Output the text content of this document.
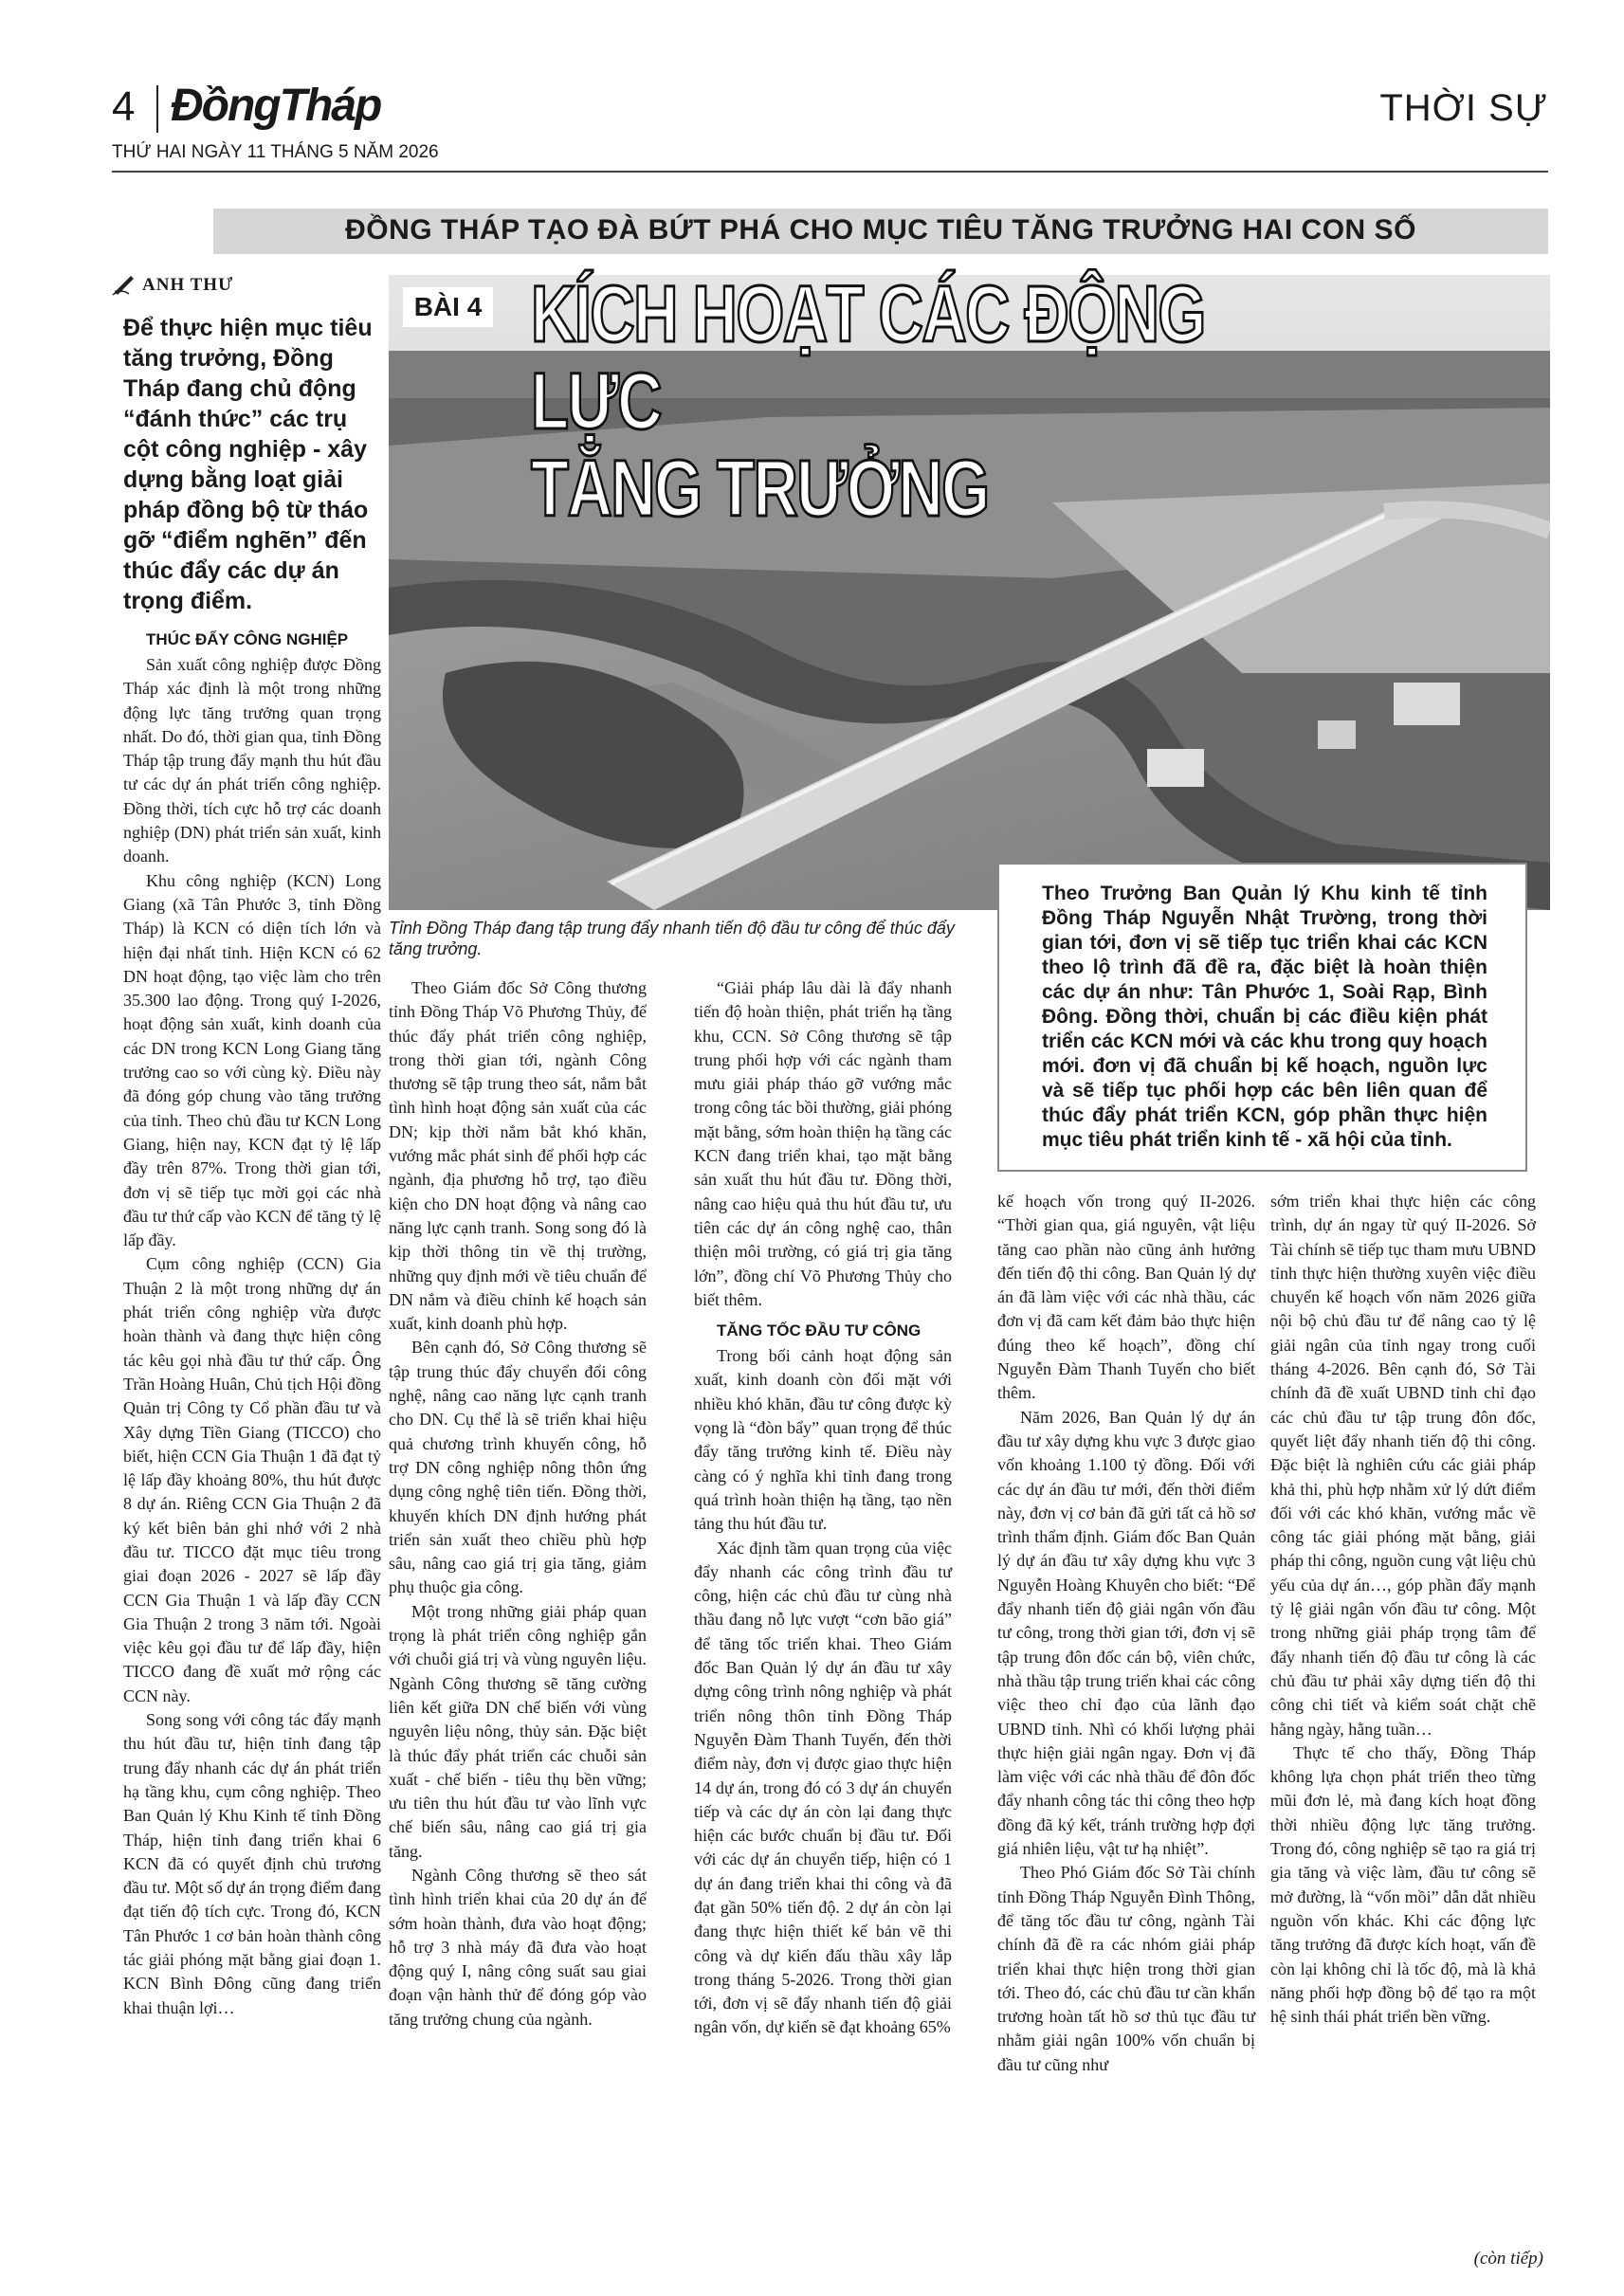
4 ĐồngTháp	THỜI SỰ
THỨ HAI NGÀY 11 THÁNG 5 NĂM 2026
ĐỒNG THÁP TẠO ĐÀ BỨT PHÁ CHO MỤC TIÊU TĂNG TRƯỞNG HAI CON SỐ
ANH THƯ
Để thực hiện mục tiêu tăng trưởng, Đồng Tháp đang chủ động “đánh thức” các trụ cột công nghiệp - xây dựng bằng loạt giải pháp đồng bộ từ tháo gỡ “điểm nghẽn” đến thúc đẩy các dự án trọng điểm.
BÀI 4 KÍCH HOẠT CÁC ĐỘNG LỰC
TĂNG TRƯỞNG
Tỉnh Đồng Tháp đang tập trung đẩy nhanh tiến độ đầu tư công để thúc đẩy tăng trưởng.
Theo Trưởng Ban Quản lý Khu kinh tế tỉnh Đồng Tháp Nguyễn Nhật Trường, trong thời gian tới, đơn vị sẽ tiếp tục triển khai các KCN theo lộ trình đã đề ra, đặc biệt là hoàn thiện các dự án như: Tân Phước 1, Soài Rạp, Bình Đông. Đồng thời, chuẩn bị các điều kiện phát triển các KCN mới và các khu trong quy hoạch mới. đơn vị đã chuẩn bị kế hoạch, nguồn lực và sẽ tiếp tục phối hợp các bên liên quan để thúc đẩy phát triển KCN, góp phần thực hiện mục tiêu phát triển kinh tế - xã hội của tỉnh.
THÚC ĐẨY CÔNG NGHIỆP

Sản xuất công nghiệp được Đồng Tháp xác định là một trong những động lực tăng trưởng quan trọng nhất. Do đó, thời gian qua, tỉnh Đồng Tháp tập trung đẩy mạnh thu hút đầu tư các dự án phát triển công nghiệp. Đồng thời, tích cực hỗ trợ các doanh nghiệp (DN) phát triển sản xuất, kinh doanh.

Khu công nghiệp (KCN) Long Giang (xã Tân Phước 3, tỉnh Đồng Tháp) là KCN có diện tích lớn và hiện đại nhất tỉnh. Hiện KCN có 62 DN hoạt động, tạo việc làm cho trên 35.300 lao động. Trong quý I-2026, hoạt động sản xuất, kinh doanh của các DN trong KCN Long Giang tăng trưởng cao so với cùng kỳ. Điều này đã đóng góp chung vào tăng trưởng của tỉnh. Theo chủ đầu tư KCN Long Giang, hiện nay, KCN đạt tỷ lệ lấp đầy trên 87%. Trong thời gian tới, đơn vị sẽ tiếp tục mời gọi các nhà đầu tư thứ cấp vào KCN để tăng tỷ lệ lấp đầy.

Cụm công nghiệp (CCN) Gia Thuận 2 là một trong những dự án phát triển công nghiệp vừa được hoàn thành và đang thực hiện công tác kêu gọi nhà đầu tư thứ cấp. Ông Trần Hoàng Huân, Chủ tịch Hội đồng Quản trị Công ty Cổ phần đầu tư và Xây dựng Tiền Giang (TICCO) cho biết, hiện CCN Gia Thuận 1 đã đạt tỷ lệ lấp đầy khoảng 80%, thu hút được 8 dự án. Riêng CCN Gia Thuận 2 đã ký kết biên bản ghi nhớ với 2 nhà đầu tư. TICCO đặt mục tiêu trong giai đoạn 2026 - 2027 sẽ lấp đầy CCN Gia Thuận 1 và lấp đầy CCN Gia Thuận 2 trong 3 năm tới. Ngoài việc kêu gọi đầu tư để lấp đầy, hiện TICCO đang đề xuất mở rộng các CCN này.

Song song với công tác đẩy mạnh thu hút đầu tư, hiện tỉnh đang tập trung đẩy nhanh các dự án phát triển hạ tầng khu, cụm công nghiệp. Theo Ban Quản lý Khu Kinh tế tỉnh Đồng Tháp, hiện tỉnh đang triển khai 6 KCN đã có quyết định chủ trương đầu tư. Một số dự án trọng điểm đang đạt tiến độ tích cực. Trong đó, KCN Tân Phước 1 cơ bản hoàn thành công tác giải phóng mặt bằng giai đoạn 1. KCN Bình Đông cũng đang triển khai thuận lợi…

Theo Giám đốc Sở Công thương tỉnh Đồng Tháp Võ Phương Thủy, để thúc đẩy phát triển công nghiệp, trong thời gian tới, ngành Công thương sẽ tập trung theo sát, nắm bắt tình hình hoạt động sản xuất của các DN; kịp thời nắm bắt khó khăn, vướng mắc phát sinh để phối hợp các ngành, địa phương hỗ trợ, tạo điều kiện cho DN hoạt động và nâng cao năng lực cạnh tranh. Song song đó là kịp thời thông tin về thị trường, những quy định mới về tiêu chuẩn để DN nắm và điều chỉnh kế hoạch sản xuất, kinh doanh phù hợp.

Bên cạnh đó, Sở Công thương sẽ tập trung thúc đẩy chuyển đổi công nghệ, nâng cao năng lực cạnh tranh cho DN. Cụ thể là sẽ triển khai hiệu quả chương trình khuyến công, hỗ trợ DN công nghiệp nông thôn ứng dụng công nghệ tiên tiến. Đồng thời, khuyến khích DN định hướng phát triển sản xuất theo chiều phù hợp sâu, nâng cao giá trị gia tăng, giảm phụ thuộc gia công.

Một trong những giải pháp quan trọng là phát triển công nghiệp gắn với chuỗi giá trị và vùng nguyên liệu. Ngành Công thương sẽ tăng cường liên kết giữa DN chế biến với vùng nguyên liệu nông, thủy sản. Đặc biệt là thúc đẩy phát triển các chuỗi sản xuất - chế biến - tiêu thụ bền vững; ưu tiên thu hút đầu tư vào lĩnh vực chế biến sâu, nâng cao giá trị gia tăng.

Ngành Công thương sẽ theo sát tình hình triển khai của 20 dự án để sớm hoàn thành, đưa vào hoạt động; hỗ trợ 3 nhà máy đã đưa vào hoạt động quý I, nâng công suất sau giai đoạn vận hành thử để đóng góp vào tăng trưởng chung của ngành.

“Giải pháp lâu dài là đẩy nhanh tiến độ hoàn thiện, phát triển hạ tầng khu, CCN. Sở Công thương sẽ tập trung phối hợp với các ngành tham mưu giải pháp tháo gỡ vướng mắc trong công tác bồi thường, giải phóng mặt bằng, sớm hoàn thiện hạ tầng các KCN đang triển khai, tạo mặt bằng sản xuất thu hút đầu tư. Đồng thời, nâng cao hiệu quả thu hút đầu tư, ưu tiên các dự án công nghệ cao, thân thiện môi trường, có giá trị gia tăng lớn”, đồng chí Võ Phương Thủy cho biết thêm.

TĂNG TỐC ĐẦU TƯ CÔNG

Trong bối cảnh hoạt động sản xuất, kinh doanh còn đối mặt với nhiều khó khăn, đầu tư công được kỳ vọng là “đòn bẩy” quan trọng để thúc đẩy tăng trưởng kinh tế. Điều này càng có ý nghĩa khi tỉnh đang trong quá trình hoàn thiện hạ tầng, tạo nền tảng thu hút đầu tư.

Xác định tầm quan trọng của việc đẩy nhanh các công trình đầu tư công, hiện các chủ đầu tư cùng nhà thầu đang nỗ lực vượt “cơn bão giá” để tăng tốc triển khai. Theo Giám đốc Ban Quản lý dự án đầu tư xây dựng công trình nông nghiệp và phát triển nông thôn tỉnh Đồng Tháp Nguyễn Đàm Thanh Tuyến, đến thời điểm này, đơn vị được giao thực hiện 14 dự án, trong đó có 3 dự án chuyển tiếp và các dự án còn lại đang thực hiện các bước chuẩn bị đầu tư. Đối với các dự án chuyển tiếp, hiện có 1 dự án đang triển khai thi công và đã đạt gần 50% tiến độ. 2 dự án còn lại đang thực hiện thiết kế bản vẽ thi công và dự kiến đấu thầu xây lắp trong tháng 5-2026. Trong thời gian tới, đơn vị sẽ đẩy nhanh tiến độ giải ngân vốn, dự kiến sẽ đạt khoảng 65%

kế hoạch vốn trong quý II-2026. “Thời gian qua, giá nguyên, vật liệu tăng cao phần nào cũng ảnh hưởng đến tiến độ thi công. Ban Quản lý dự án đã làm việc với các nhà thầu, các đơn vị đã cam kết đảm bảo thực hiện đúng theo kế hoạch”, đồng chí Nguyễn Đàm Thanh Tuyến cho biết thêm.

Năm 2026, Ban Quản lý dự án đầu tư xây dựng khu vực 3 được giao vốn khoảng 1.100 tỷ đồng. Đối với các dự án đầu tư mới, đến thời điểm này, đơn vị cơ bản đã gửi tất cả hồ sơ trình thẩm định. Giám đốc Ban Quản lý dự án đầu tư xây dựng khu vực 3 Nguyễn Hoàng Khuyên cho biết: “Để đẩy nhanh tiến độ giải ngân vốn đầu tư công, trong thời gian tới, đơn vị sẽ tập trung đôn đốc cán bộ, viên chức, nhà thầu tập trung triển khai các công việc theo chỉ đạo của lãnh đạo UBND tỉnh. Nhì có khối lượng phải thực hiện giải ngân ngay. Đơn vị đã làm việc với các nhà thầu để đôn đốc đẩy nhanh công tác thi công theo hợp đồng đã ký kết, tránh trường hợp đợi giá nhiên liệu, vật tư hạ nhiệt”.

Theo Phó Giám đốc Sở Tài chính tỉnh Đồng Tháp Nguyễn Đình Thông, để tăng tốc đầu tư công, ngành Tài chính đã đề ra các nhóm giải pháp triển khai thực hiện trong thời gian tới. Theo đó, các chủ đầu tư cần khẩn trương hoàn tất hồ sơ thủ tục đầu tư nhằm giải ngân 100% vốn chuẩn bị đầu tư cũng như

sớm triển khai thực hiện các công trình, dự án ngay từ quý II-2026. Sở Tài chính sẽ tiếp tục tham mưu UBND tỉnh thực hiện thường xuyên việc điều chuyển kế hoạch vốn năm 2026 giữa nội bộ chủ đầu tư để nâng cao tỷ lệ giải ngân của tỉnh ngay trong cuối tháng 4-2026. Bên cạnh đó, Sở Tài chính đã đề xuất UBND tỉnh chỉ đạo các chủ đầu tư tập trung đôn đốc, quyết liệt đẩy nhanh tiến độ thi công. Đặc biệt là nghiên cứu các giải pháp khả thi, phù hợp nhằm xử lý dứt điểm đối với các khó khăn, vướng mắc về công tác giải phóng mặt bằng, giải pháp thi công, nguồn cung vật liệu chủ yếu của dự án…, góp phần đẩy mạnh tỷ lệ giải ngân vốn đầu tư công. Một trong những giải pháp trọng tâm để đẩy nhanh tiến độ đầu tư công là các chủ đầu tư phải xây dựng tiến độ thi công chi tiết và kiểm soát chặt chẽ hằng ngày, hằng tuần…

Thực tế cho thấy, Đồng Tháp không lựa chọn phát triển theo từng mũi đơn lẻ, mà đang kích hoạt đồng thời nhiều động lực tăng trưởng. Trong đó, công nghiệp sẽ tạo ra giá trị gia tăng và việc làm, đầu tư công sẽ mở đường, là “vốn mồi” dẫn dắt nhiều nguồn vốn khác. Khi các động lực tăng trưởng đã được kích hoạt, vấn đề còn lại không chỉ là tốc độ, mà là khả năng phối hợp đồng bộ để tạo ra một hệ sinh thái phát triển bền vững.

(còn tiếp)
